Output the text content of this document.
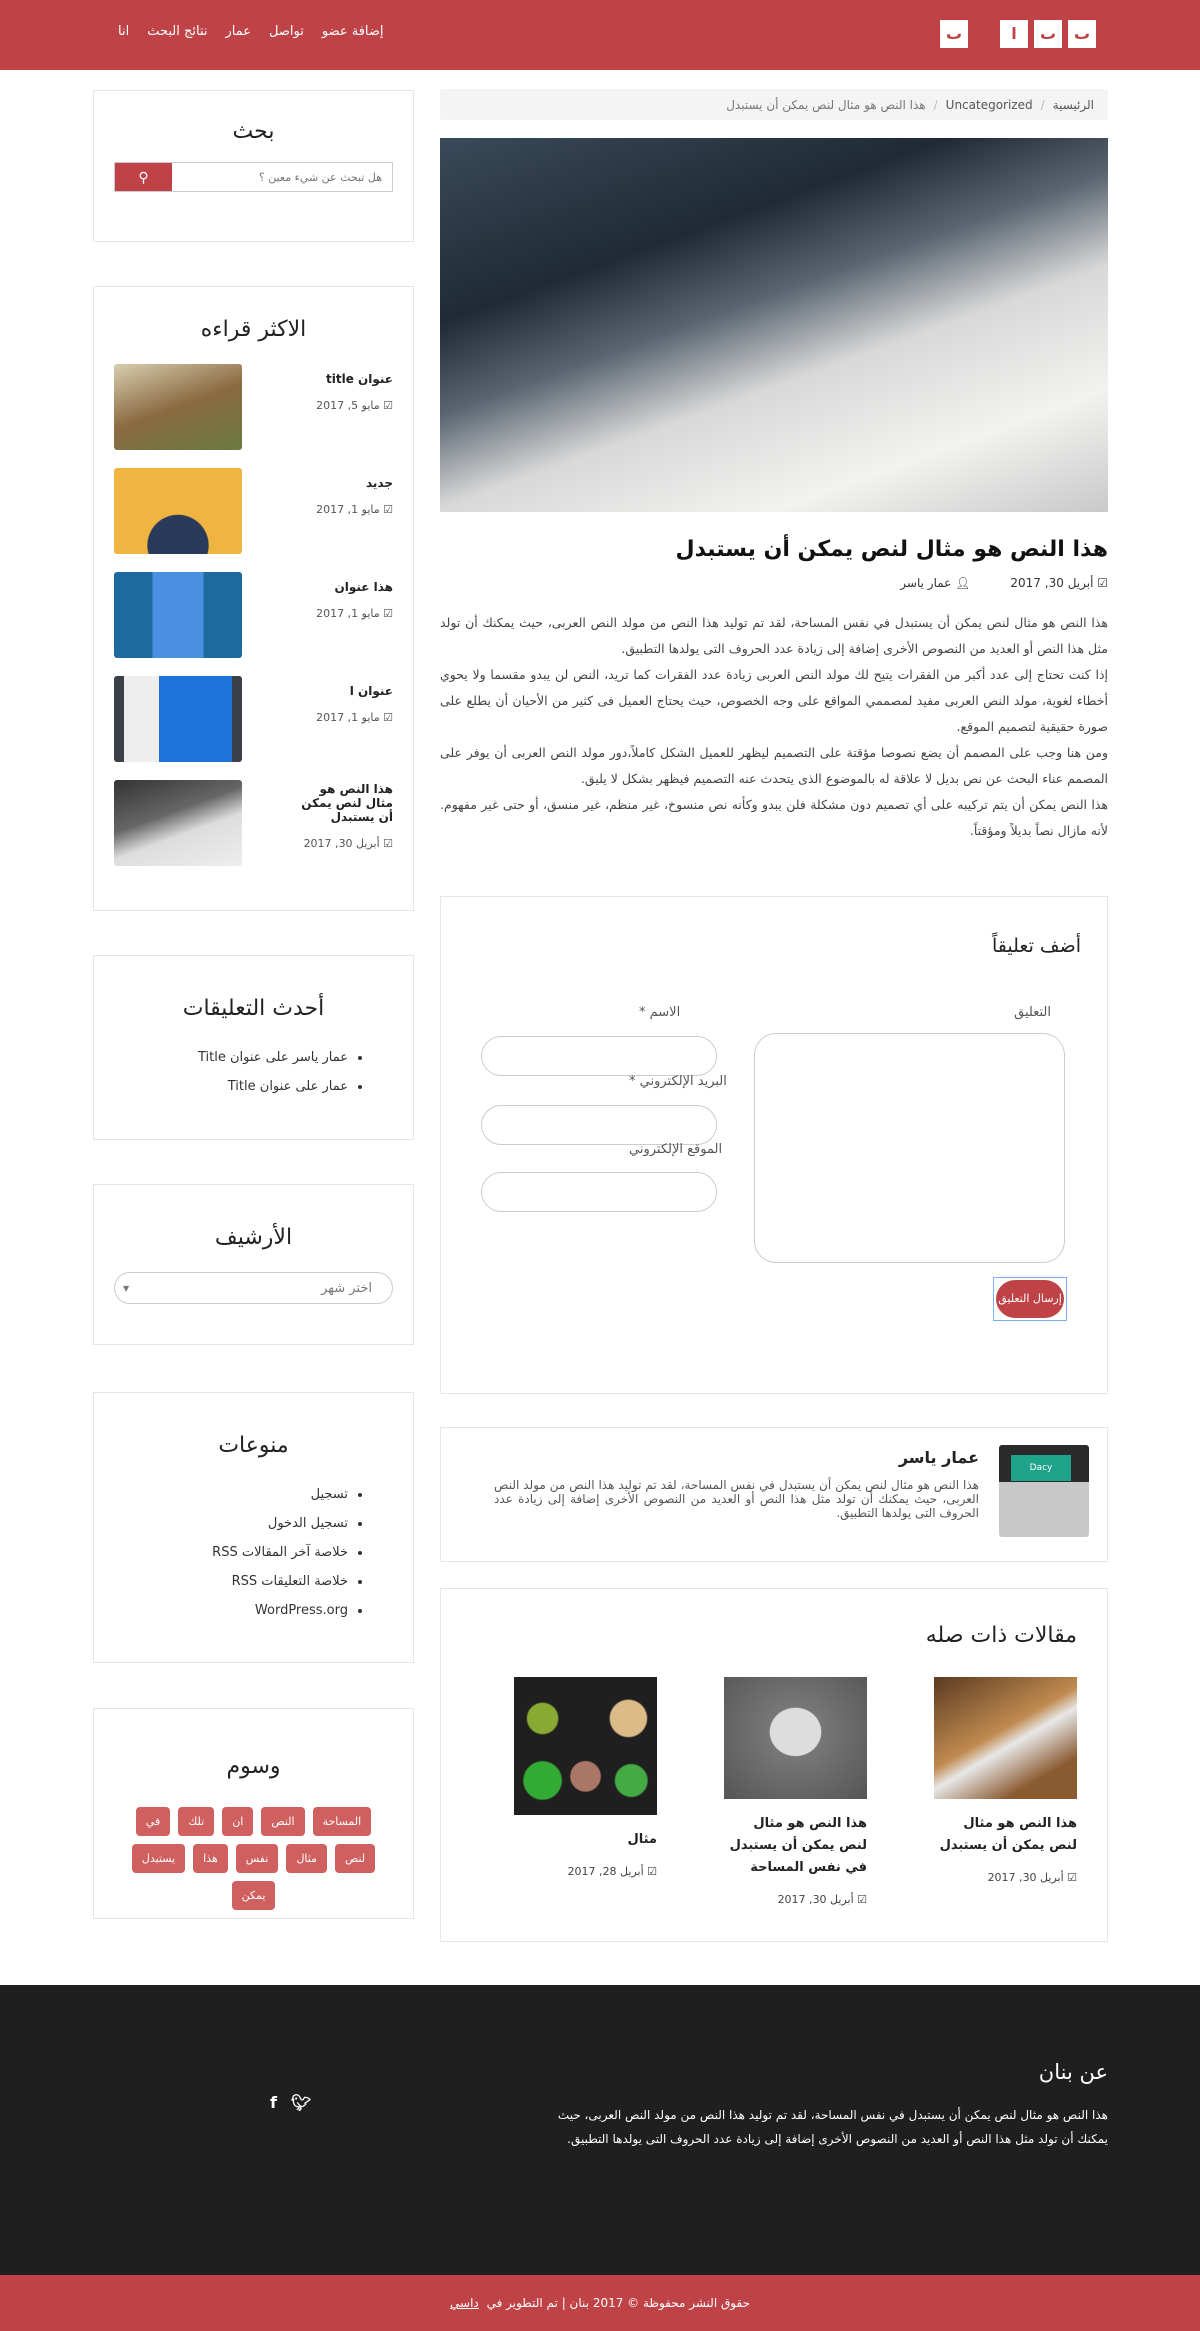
ٮ	ا	ٮ	ٮ
إضافة عضو
تواصل
عمار
نتائج البحث
انا
بحث
هل تبحث عن شيء معين ؟
⚲
الاكثر قراءه
عنوان title
☑ مايو 5, 2017
جديد
☑ مايو 1, 2017
هذا عنوان
☑ مايو 1, 2017
عنوان ا
☑ مايو 1, 2017
هذا النص هو مثال لنص يمكن أن يستبدل
☑ أبريل 30, 2017
أحدث التعليقات
• عمار ياسر على عنوان Title
• عمار على عنوان Title
الأرشيف
اختر شهر
▼
منوعات
• تسجيل
• تسجيل الدخول
• خلاصة آخر المقالات RSS
• خلاصة التعليقات RSS
• WordPress.org
وسوم
المساحة
النص
ان
تلك
في
لنص
مثال
نفس
هذا
يستبدل
يمكن
الرئيسية
/
Uncategorized
/
هذا النص هو مثال لنص يمكن أن يستبدل
هذا النص هو مثال لنص يمكن أن يستبدل
☑ أبريل 30, 2017
👤︎ عمار ياسر

هذا النص هو مثال لنص يمكن أن يستبدل في نفس المساحة، لقد تم توليد هذا النص من مولد النص العربى، حيث يمكنك أن تولد مثل هذا النص أو العديد من النصوص الأخرى إضافة إلى زيادة عدد الحروف التى يولدها التطبيق.

إذا كنت تحتاج إلى عدد أكبر من الفقرات يتيح لك مولد النص العربى زيادة عدد الفقرات كما تريد، النص لن يبدو مقسما ولا يحوي أخطاء لغوية، مولد النص العربى مفيد لمصممي المواقع على وجه الخصوص، حيث يحتاج العميل فى كثير من الأحيان أن يطلع على صورة حقيقية لتصميم الموقع.

ومن هنا وجب على المصمم أن يضع نصوصا مؤقتة على التصميم ليظهر للعميل الشكل كاملاً،دور مولد النص العربى أن يوفر على المصمم عناء البحث عن نص بديل لا علاقة له بالموضوع الذى يتحدث عنه التصميم فيظهر بشكل لا يليق.

هذا النص يمكن أن يتم تركيبه على أي تصميم دون مشكلة فلن يبدو وكأنه نص منسوخ، غير منظم، غير منسق، أو حتى غير مفهوم. لأنه مازال نصاً بديلاً ومؤقتاً.

أضف تعليقاً
التعليق
الاسم *
البريد الإلكتروني *
الموقع الإلكتروني
إرسال التعليق
Dacy
عمار ياسر

هذا النص هو مثال لنص يمكن أن يستبدل في نفس المساحة، لقد تم توليد هذا النص من مولد النص العربى، حيث يمكنك أن تولد مثل هذا النص أو العديد من النصوص الأخرى إضافة إلى زيادة عدد الحروف التى يولدها التطبيق.

مقالات ذات صله
هذا النص هو مثال لنص يمكن أن يستبدل
☑ أبريل 30, 2017
هذا النص هو مثال لنص يمكن أن يستبدل في نفس المساحة
☑ أبريل 30, 2017
مثال
☑ أبريل 28, 2017
عن بنان

هذا النص هو مثال لنص يمكن أن يستبدل في نفس المساحة، لقد تم توليد هذا النص من مولد النص العربى، حيث يمكنك أن تولد مثل هذا النص أو العديد من النصوص الأخرى إضافة إلى زيادة عدد الحروف التى يولدها التطبيق.

f 🐦︎
حقوق النشر محفوظة © 2017 بنان | تم التطوير في داسي
